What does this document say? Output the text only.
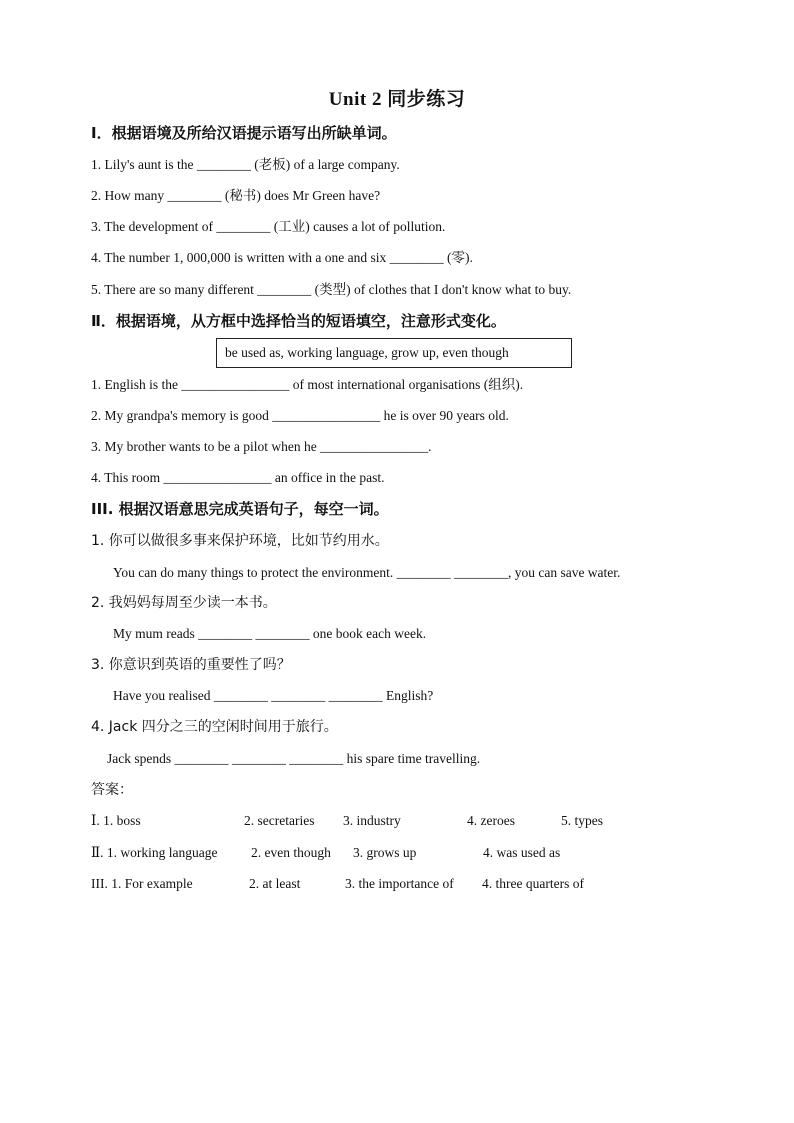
Unit 2 同步练习
Ⅰ．根据语境及所给汉语提示语写出所缺单词。
1. Lily's aunt is the ________ (老板) of a large company.
2. How many ________ (秘书) does Mr Green have?
3. The development of ________ (工业) causes a lot of pollution.
4. The number 1, 000,000 is written with a one and six ________ (零).
5. There are so many different ________ (类型) of clothes that I don't know what to buy.
Ⅱ．根据语境，从方框中选择恰当的短语填空，注意形式变化。
be used as, working language, grow up, even though
1. English is the ________________ of most international organisations (组织).
2. My grandpa's memory is good ________________ he is over 90 years old.
3. My brother wants to be a pilot when he ________________.
4. This room ________________ an office in the past.
III. 根据汉语意思完成英语句子，每空一词。
1. 你可以做很多事来保护环境，比如节约用水。
You can do many things to protect the environment. ________ ________, you can save water.
2. 我妈妈每周至少读一本书。
My mum reads ________ ________ one book each week.
3. 你意识到英语的重要性了吗？
Have you realised ________ ________ ________ English?
4. Jack 四分之三的空闲时间用于旅行。
Jack spends ________ ________ ________ his spare time travelling.
答案：
Ⅰ. 1. boss	2. secretaries 3. industry	4. zeroes	5. types
Ⅱ. 1. working language 2. even though 3. grows up	4. was used as
III. 1. For example	2. at least	3. the importance of 4. three quarters of
